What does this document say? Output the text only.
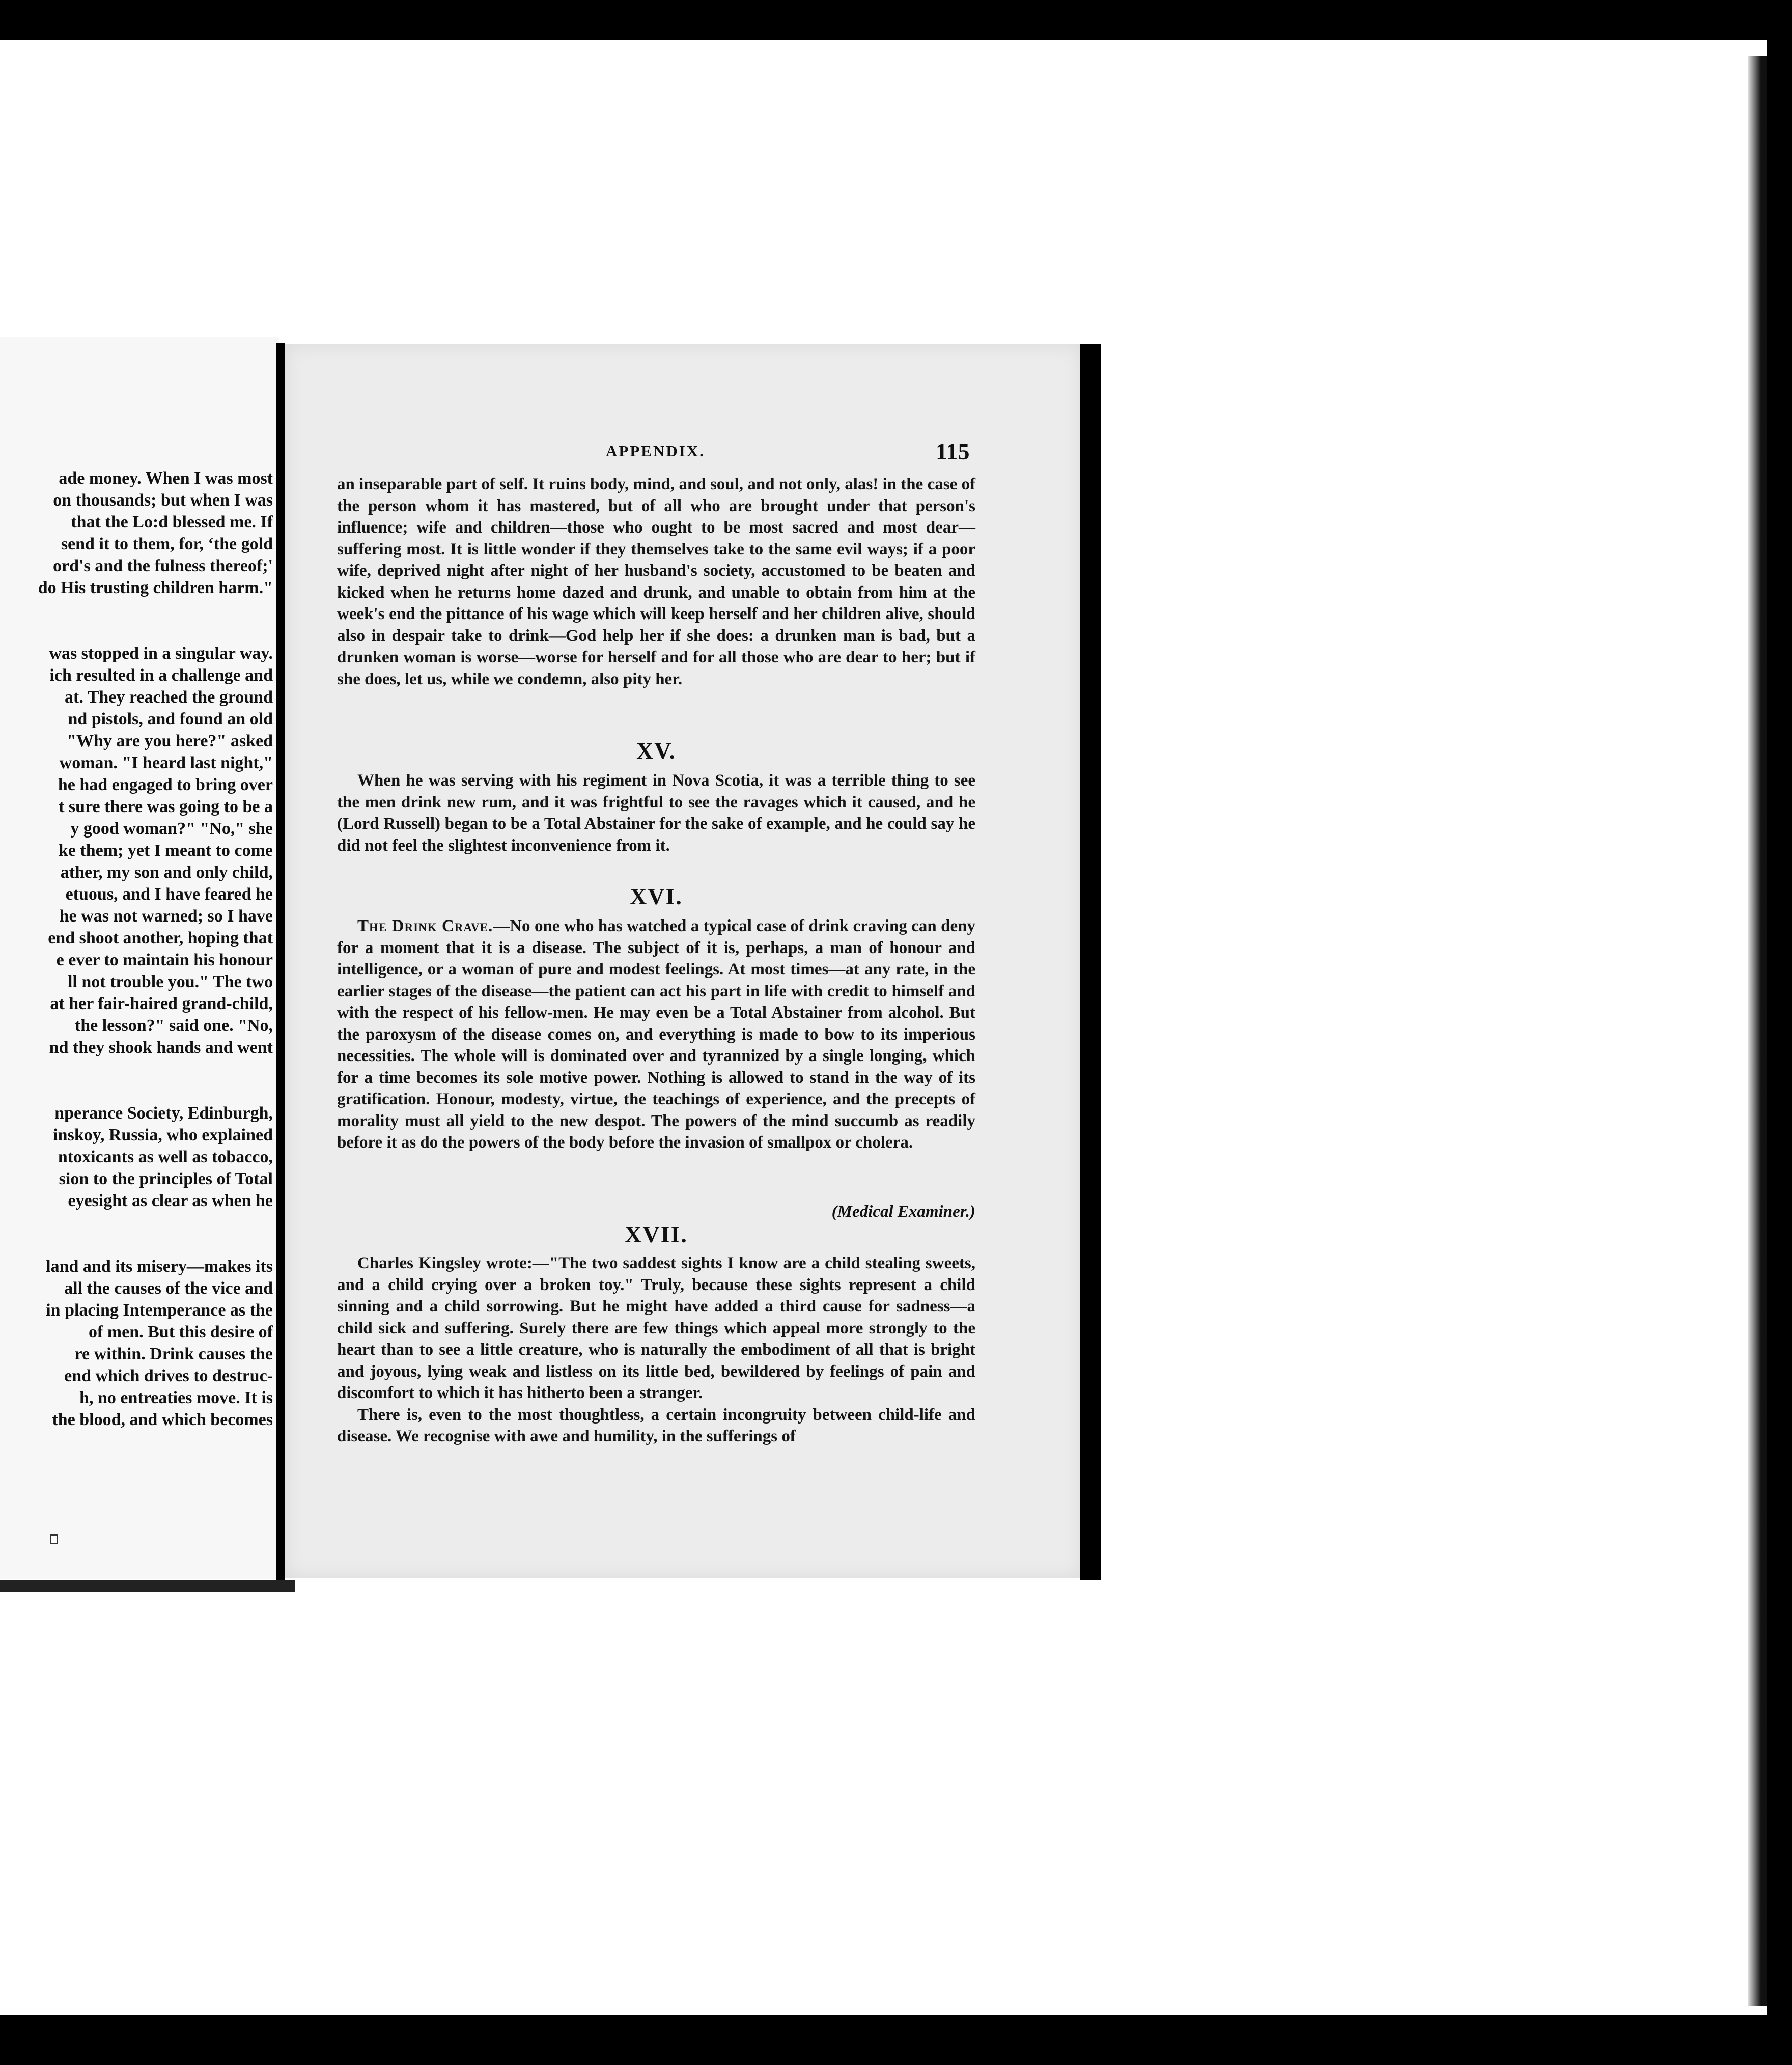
ade money. When I was most

on thousands; but when I was

that the Lo:d blessed me. If

send it to them, for, ‘the gold

ord's and the fulness thereof;'

do His trusting children harm."

was stopped in a singular way.

ich resulted in a challenge and

at. They reached the ground

nd pistols, and found an old

"Why are you here?" asked

woman. "I heard last night,"

he had engaged to bring over

t sure there was going to be a

y good woman?" "No," she

ke them; yet I meant to come

ather, my son and only child,

etuous, and I have feared he

he was not warned; so I have

end shoot another, hoping that

e ever to maintain his honour

ll not trouble you." The two

at her fair-haired grand-child,

the lesson?" said one. "No,

nd they shook hands and went

nperance Society, Edinburgh,

inskoy, Russia, who explained

ntoxicants as well as tobacco,

sion to the principles of Total

eyesight as clear as when he

land and its misery—makes its

all the causes of the vice and

in placing Intemperance as the

of men. But this desire of

re within. Drink causes the

end which drives to destruc-

h, no entreaties move. It is

the blood, and which becomes

APPENDIX.	115

an inseparable part of self. It ruins body, mind, and soul, and not only, alas! in the case of the person whom it has mastered, but of all who are brought under that person's influence; wife and children—those who ought to be most sacred and most dear—suffering most. It is little wonder if they themselves take to the same evil ways; if a poor wife, deprived night after night of her husband's society, accustomed to be beaten and kicked when he returns home dazed and drunk, and unable to obtain from him at the week's end the pittance of his wage which will keep herself and her children alive, should also in despair take to drink—God help her if she does: a drunken man is bad, but a drunken woman is worse—worse for herself and for all those who are dear to her; but if she does, let us, while we condemn, also pity her.

XV.

When he was serving with his regiment in Nova Scotia, it was a terrible thing to see the men drink new rum, and it was frightful to see the ravages which it caused, and he (Lord Russell) began to be a Total Abstainer for the sake of example, and he could say he did not feel the slightest inconvenience from it.

XVI.

The Drink Crave.—No one who has watched a typical case of drink craving can deny for a moment that it is a disease. The subject of it is, perhaps, a man of honour and intelligence, or a woman of pure and modest feelings. At most times—at any rate, in the earlier stages of the disease—the patient can act his part in life with credit to himself and with the respect of his fellow-men. He may even be a Total Abstainer from alcohol. But the paroxysm of the disease comes on, and everything is made to bow to its imperious necessities. The whole will is dominated over and tyrannized by a single longing, which for a time becomes its sole motive power. Nothing is allowed to stand in the way of its gratification. Honour, modesty, virtue, the teachings of experience, and the precepts of morality must all yield to the new despot. The powers of the mind succumb as readily before it as do the powers of the body before the invasion of smallpox or cholera.

(Medical Examiner.)
XVII.

Charles Kingsley wrote:—"The two saddest sights I know are a child stealing sweets, and a child crying over a broken toy." Truly, because these sights represent a child sinning and a child sorrowing. But he might have added a third cause for sadness—a child sick and suffering. Surely there are few things which appeal more strongly to the heart than to see a little creature, who is naturally the embodiment of all that is bright and joyous, lying weak and listless on its little bed, bewildered by feelings of pain and discomfort to which it has hitherto been a stranger.

There is, even to the most thoughtless, a certain incongruity between child-life and disease. We recognise with awe and humility, in the sufferings of
